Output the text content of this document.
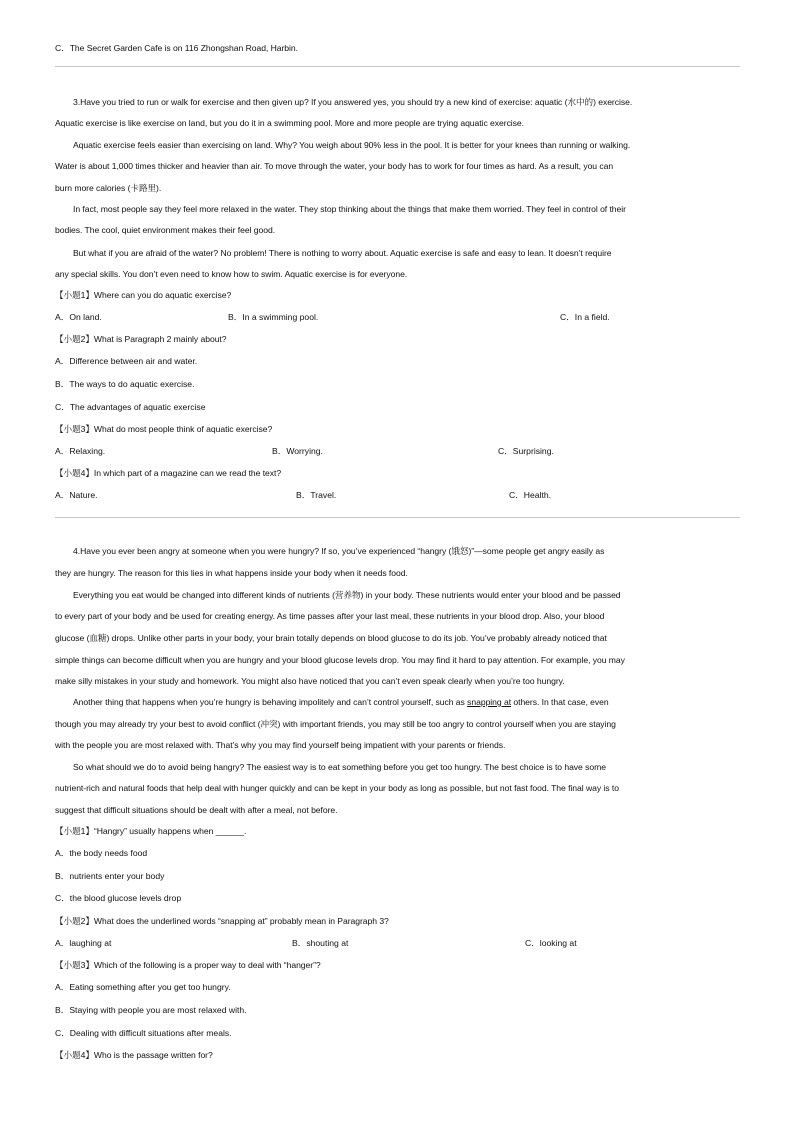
C．The Secret Garden Cafe is on 116 Zhongshan Road, Harbin.
3.Have you tried to run or walk for exercise and then given up? If you answered yes, you should try a new kind of exercise: aquatic (水中的) exercise.
Aquatic exercise is like exercise on land, but you do it in a swimming pool. More and more people are trying aquatic exercise.
Aquatic exercise feels easier than exercising on land. Why? You weigh about 90% less in the pool. It is better for your knees than running or walking.
Water is about 1,000 times thicker and heavier than air. To move through the water, your body has to work for four times as hard. As a result, you can
burn more calories (卡路里).
In fact, most people say they feel more relaxed in the water. They stop thinking about the things that make them worried. They feel in control of their
bodies. The cool, quiet environment makes their feel good.
But what if you are afraid of the water? No problem! There is nothing to worry about. Aquatic exercise is safe and easy to lean. It doesn’t require
any special skills. You don’t even need to know how to swim. Aquatic exercise is for everyone.
【小题1】Where can you do aquatic exercise?
A．On land.	B．In a swimming pool.	C．In a field.
【小题2】What is Paragraph 2 mainly about?
A．Difference between air and water.
B．The ways to do aquatic exercise.
C．The advantages of aquatic exercise
【小题3】What do most people think of aquatic exercise?
A．Relaxing.	B．Worrying.	C．Surprising.
【小题4】In which part of a magazine can we read the text?
A．Nature.	B．Travel.	C．Health.
4.Have you ever been angry at someone when you were hungry? If so, you’ve experienced “hangry (饿怒)”—some people get angry easily as
they are hungry. The reason for this lies in what happens inside your body when it needs food.
Everything you eat would be changed into different kinds of nutrients (营养物) in your body. These nutrients would enter your blood and be passed
to every part of your body and be used for creating energy. As time passes after your last meal, these nutrients in your blood drop. Also, your blood
glucose (血糖) drops. Unlike other parts in your body, your brain totally depends on blood glucose to do its job. You’ve probably already noticed that
simple things can become difficult when you are hungry and your blood glucose levels drop. You may find it hard to pay attention. For example, you may
make silly mistakes in your study and homework. You might also have noticed that you can’t even speak clearly when you’re too hungry.
Another thing that happens when you’re hungry is behaving impolitely and can’t control yourself, such as snapping at others. In that case, even
though you may already try your best to avoid conflict (冲突) with important friends, you may still be too angry to control yourself when you are staying
with the people you are most relaxed with. That’s why you may find yourself being impatient with your parents or friends.
So what should we do to avoid being hangry? The easiest way is to eat something before you get too hungry. The best choice is to have some
nutrient-rich and natural foods that help deal with hunger quickly and can be kept in your body as long as possible, but not fast food. The final way is to
suggest that difficult situations should be dealt with after a meal, not before.
【小题1】“Hangry” usually happens when ______.
A．the body needs food
B．nutrients enter your body
C．the blood glucose levels drop
【小题2】What does the underlined words “snapping at” probably mean in Paragraph 3?
A．laughing at	B．shouting at	C．looking at
【小题3】Which of the following is a proper way to deal with “hanger”?
A．Eating something after you get too hungry.
B．Staying with people you are most relaxed with.
C．Dealing with difficult situations after meals.
【小题4】Who is the passage written for?
